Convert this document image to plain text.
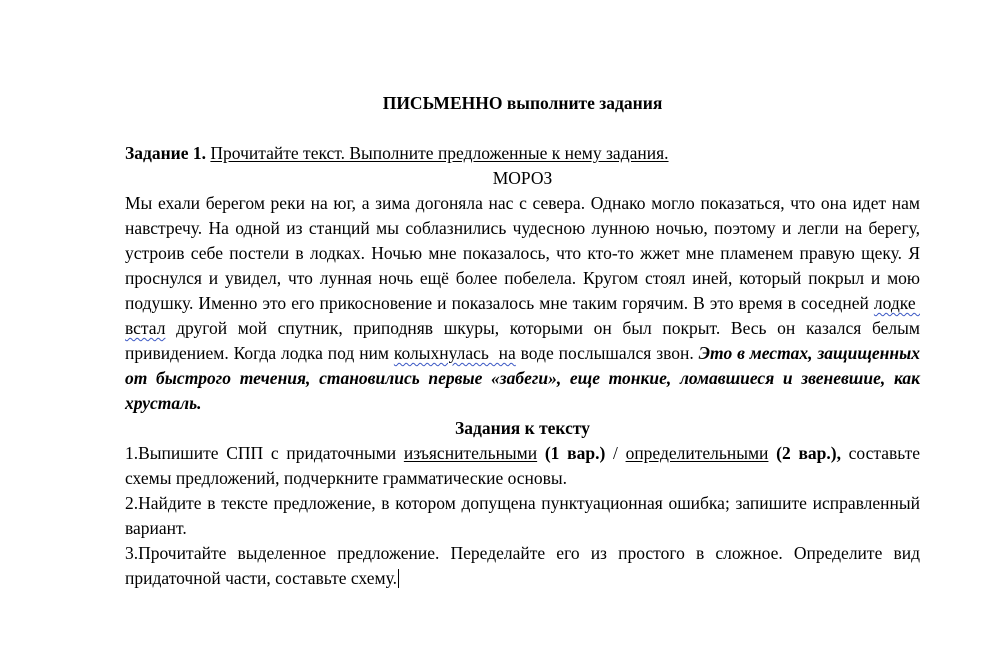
ПИСЬМЕННО выполните задания

Задание 1. Прочитайте текст. Выполните предложенные к нему задания.

МОРОЗ

Мы ехали берегом реки на юг, а зима догоняла нас с севера. Однако могло показаться, что она идет нам навстречу. На одной из станций мы соблазнились чудесною лунною ночью, поэтому и легли на берегу, устроив себе постели в лодках. Ночью мне показалось, что кто-то жжет мне пламенем правую щеку. Я проснулся и увидел, что лунная ночь ещё более побелела. Кругом стоял иней, который покрыл и мою подушку. Именно это его прикосновение и показалось мне таким горячим. В это время в соседней лодке  встал другой мой спутник, приподняв шкуры, которыми он был покрыт. Весь он казался белым привидением. Когда лодка под ним колыхнулась  на воде послышался звон. Это в местах, защищенных от быстрого течения, становились первые «забеги», еще тонкие, ломавшиеся и звеневшие, как хрусталь.

Задания к тексту

1.Выпишите СПП с придаточными изъяснительными (1 вар.) / определительными (2 вар.), составьте схемы предложений, подчеркните грамматические основы.

2.Найдите в тексте предложение, в котором допущена пунктуационная ошибка; запишите исправленный вариант.

3.Прочитайте выделенное предложение. Переделайте его из простого в сложное. Определите вид придаточной части, составьте схему.
